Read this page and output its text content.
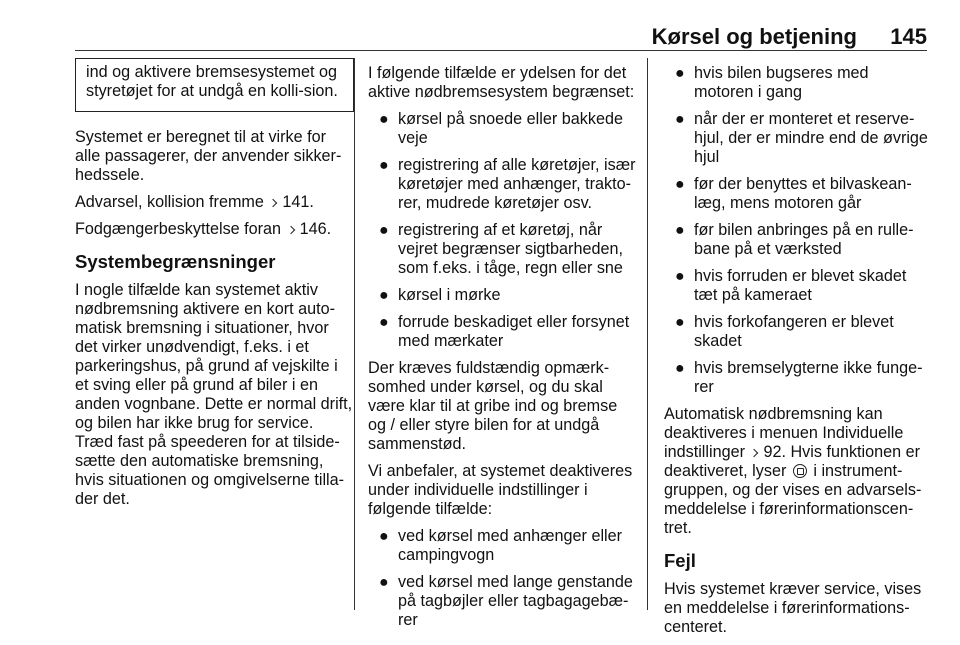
Kørsel og betjening 145
ind og aktivere bremsesystemet og styretøjet for at undgå en kolli-sion.

Systemet er beregnet til at virke for alle passagerer, der anvender sikker-hedssele.

Advarsel, kollision fremme 141.

Fodgængerbeskyttelse foran 146.

Systembegrænsninger

I nogle tilfælde kan systemet aktiv nødbremsning aktivere en kort auto-matisk bremsning i situationer, hvor det virker unødvendigt, f.eks. i et parkeringshus, på grund af vejskilte i et sving eller på grund af biler i en anden vognbane. Dette er normal drift, og bilen har ikke brug for service. Træd fast på speederen for at tilside-sætte den automatiske bremsning, hvis situationen og omgivelserne tilla-der det.

I følgende tilfælde er ydelsen for det aktive nødbremsesystem begrænset:

● kørsel på snoede eller bakkede veje
● registrering af alle køretøjer, især køretøjer med anhænger, trakto-rer, mudrede køretøjer osv.
● registrering af et køretøj, når vejret begrænser sigtbarheden, som f.eks. i tåge, regn eller sne
● kørsel i mørke
● forrude beskadiget eller forsynet med mærkater

Der kræves fuldstændig opmærk-somhed under kørsel, og du skal være klar til at gribe ind og bremse og / eller styre bilen for at undgå sammenstød.

Vi anbefaler, at systemet deaktiveres under individuelle indstillinger i følgende tilfælde:

● ved kørsel med anhænger eller campingvogn
● ved kørsel med lange genstande på tagbøjler eller tagbagagebæ-rer
● hvis bilen bugseres med motoren i gang
● når der er monteret et reserve-hjul, der er mindre end de øvrige hjul
● før der benyttes et bilvaskean-læg, mens motoren går
● før bilen anbringes på en rulle-bane på et værksted
● hvis forruden er blevet skadet tæt på kameraet
● hvis forkofangeren er blevet skadet
● hvis bremselygterne ikke funge-rer

Automatisk nødbremsning kan deaktiveres i menuen Individuelle indstillinger 92. Hvis funktionen er deaktiveret, lyser i instrument-gruppen, og der vises en advarsels-meddelelse i førerinformationscen-tret.

Fejl

Hvis systemet kræver service, vises en meddelelse i førerinformations-centeret.
